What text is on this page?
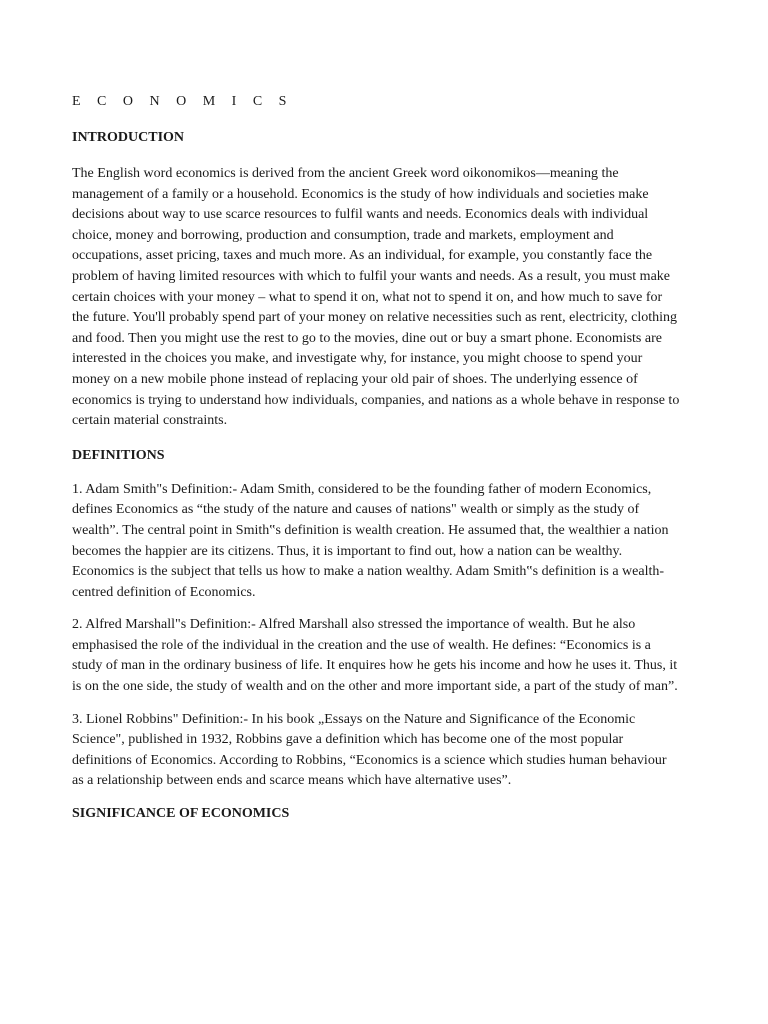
E C O N O M I C S
INTRODUCTION

The English word economics is derived from the ancient Greek word oikonomikos—meaning the management of a family or a household. Economics is the study of how individuals and societies make decisions about way to use scarce resources to fulfil wants and needs. Economics deals with individual choice, money and borrowing, production and consumption, trade and markets, employment and occupations, asset pricing, taxes and much more. As an individual, for example, you constantly face the problem of having limited resources with which to fulfil your wants and needs. As a result, you must make certain choices with your money – what to spend it on, what not to spend it on, and how much to save for the future. You'll probably spend part of your money on relative necessities such as rent, electricity, clothing and food. Then you might use the rest to go to the movies, dine out or buy a smart phone. Economists are interested in the choices you make, and investigate why, for instance, you might choose to spend your money on a new mobile phone instead of replacing your old pair of shoes. The underlying essence of economics is trying to understand how individuals, companies, and nations as a whole behave in response to certain material constraints.

DEFINITIONS

1. Adam Smith"s Definition:- Adam Smith, considered to be the founding father of modern Economics, defines Economics as “the study of the nature and causes of nations" wealth or simply as the study of wealth”. The central point in Smith‟s definition is wealth creation. He assumed that, the wealthier a nation becomes the happier are its citizens. Thus, it is important to find out, how a nation can be wealthy. Economics is the subject that tells us how to make a nation wealthy. Adam Smith‟s definition is a wealth-centred definition of Economics.

2. Alfred Marshall"s Definition:- Alfred Marshall also stressed the importance of wealth. But he also emphasised the role of the individual in the creation and the use of wealth. He defines: “Economics is a study of man in the ordinary business of life. It enquires how he gets his income and how he uses it. Thus, it is on the one side, the study of wealth and on the other and more important side, a part of the study of man”.

3. Lionel Robbins" Definition:- In his book „Essays on the Nature and Significance of the Economic Science", published in 1932, Robbins gave a definition which has become one of the most popular definitions of Economics. According to Robbins, “Economics is a science which studies human behaviour as a relationship between ends and scarce means which have alternative uses”.

SIGNIFICANCE OF ECONOMICS
